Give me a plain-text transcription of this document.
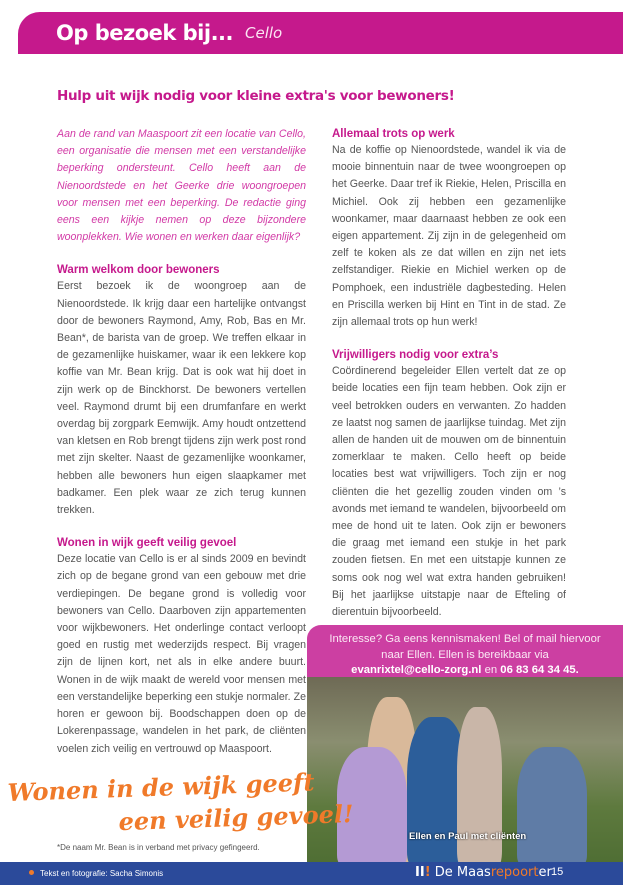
Op bezoek bij... Cello
Hulp uit wijk nodig voor kleine extra's voor bewoners!

Aan de rand van Maaspoort zit een locatie van Cello, een organisatie die mensen met een verstandelijke beperking ondersteunt. Cello heeft aan de Nienoordstede en het Geerke drie woongroepen voor mensen met een beperking. De redactie ging eens een kijkje nemen op deze bijzondere woonplekken. Wie wonen en werken daar eigenlijk?

Warm welkom door bewoners

Eerst bezoek ik de woongroep aan de Nienoordstede. Ik krijg daar een hartelijke ontvangst door de bewoners Raymond, Amy, Rob, Bas en Mr. Bean*, de barista van de groep. We treffen elkaar in de gezamenlijke huiskamer, waar ik een lekkere kop koffie van Mr. Bean krijg. Dat is ook wat hij doet in zijn werk op de Binckhorst. De bewoners vertellen veel. Raymond drumt bij een drumfanfare en werkt overdag bij zorgpark Eemwijk. Amy houdt ontzettend van kletsen en Rob brengt tijdens zijn werk post rond met zijn skelter. Naast de gezamenlijke woonkamer, hebben alle bewoners hun eigen slaapkamer met badkamer. Een plek waar ze zich terug kunnen trekken.

Wonen in wijk geeft veilig gevoel

Deze locatie van Cello is er al sinds 2009 en bevindt zich op de begane grond van een gebouw met drie verdiepingen. De begane grond is volledig voor bewoners van Cello. Daarboven zijn appartementen voor wijkbewoners. Het onderlinge contact verloopt goed en rustig met wederzijds respect. Bij vragen zijn de lijnen kort, net als in elke andere buurt. Wonen in de wijk maakt de wereld voor mensen met een verstandelijke beperking een stukje normaler. Ze horen er gewoon bij. Boodschappen doen op de Lokerenpassage, wandelen in het park, de cliënten voelen zich veilig en vertrouwd op Maaspoort.

Allemaal trots op werk

Na de koffie op Nienoordstede, wandel ik via de mooie binnentuin naar de twee woongroepen op het Geerke. Daar tref ik Riekie, Helen, Priscilla en Michiel. Ook zij hebben een gezamenlijke woonkamer, maar daarnaast hebben ze ook een eigen appartement. Zij zijn in de gelegenheid om zelf te koken als ze dat willen en zijn net iets zelfstandiger. Riekie en Michiel werken op de Pomphoek, een industriële dagbesteding. Helen en Priscilla werken bij Hint en Tint in de stad. Ze zijn allemaal trots op hun werk!

Vrijwilligers nodig voor extra’s

Coördinerend begeleider Ellen vertelt dat ze op beide locaties een fijn team hebben. Ook zijn er veel betrokken ouders en verwanten. Zo hadden ze laatst nog samen de jaarlijkse tuindag. Met zijn allen de handen uit de mouwen om de binnentuin zomerklaar te maken. Cello heeft op beide locaties best wat vrijwilligers. Toch zijn er nog cliënten die het gezellig zouden vinden om ’s avonds met iemand te wandelen, bijvoorbeeld om mee de hond uit te laten. Ook zijn er bewoners die graag met iemand een stukje in het park zouden fietsen. En met een uitstapje kunnen ze soms ook nog wel wat extra handen gebruiken! Bij het jaarlijkse uitstapje naar de Efteling of dierentuin bijvoorbeeld.

Interesse? Ga eens kennismaken! Bel of mail hiervoor
naar Ellen. Ellen is bereikbaar via
evanrixtel@cello-zorg.nl en 06 83 64 34 45.
Ellen en Paul met cliënten
Wonen in de wijk geeft
een veilig gevoel!
*De naam Mr. Bean is in verband met privacy gefingeerd.
Tekst en fotografie: Sacha Simonis	II! De Maasrepoorter 15
